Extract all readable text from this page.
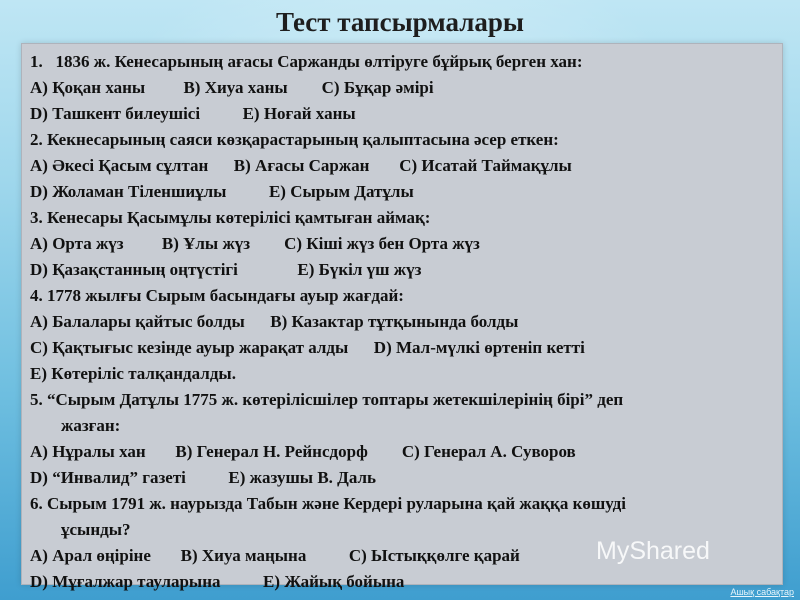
Тест тапсырмалары
1.   1836 ж. Кенесарының ағасы Саржанды өлтіруге бұйрық берген хан:
A) Қоқан ханы         B) Хиуа ханы        C) Бұқар әмірі
D) Ташкент билеушісі          E) Ноғай ханы
2. Кекнесарының саяси көзқарастарының қалыптасына әсер еткен:
A) Әкесі Қасым сұлтан      B) Ағасы Саржан       C) Исатай Таймақұлы
D) Жоламан Тіленшиұлы          E) Сырым Датұлы
3. Кенесары Қасымұлы көтерілісі қамтыған аймақ:
A) Орта жүз         B) Ұлы жүз        C) Кіші жүз бен Орта жүз
D) Қазақстанның оңтүстігі              E) Бүкіл үш жүз
4. 1778 жылғы Сырым басындағы ауыр жағдай:
A) Балалары қайтыс болды      B) Казактар тұтқынында болды
C) Қақтығыс кезінде ауыр жарақат алды      D) Мал-мүлкі өртеніп кетті
E) Көтеріліс талқандалды.
5. “Сырым Датұлы 1775 ж. көтерілісшілер топтары жетекшілерінің бірі” деп
жазған:
A) Нұралы хан       B) Генерал Н. Рейнсдорф        C) Генерал А. Суворов
D) “Инвалид” газеті          E) жазушы В. Даль
6. Сырым 1791 ж. наурызда Табын және Кердері руларына қай жаққа көшуді
ұсынды?
A) Арал өңіріне       B) Хиуа маңына          C) Ыстыққөлге қарай
D) Мұғалжар тауларына          E) Жайық бойына
MyShared
Ашық сабақтар
